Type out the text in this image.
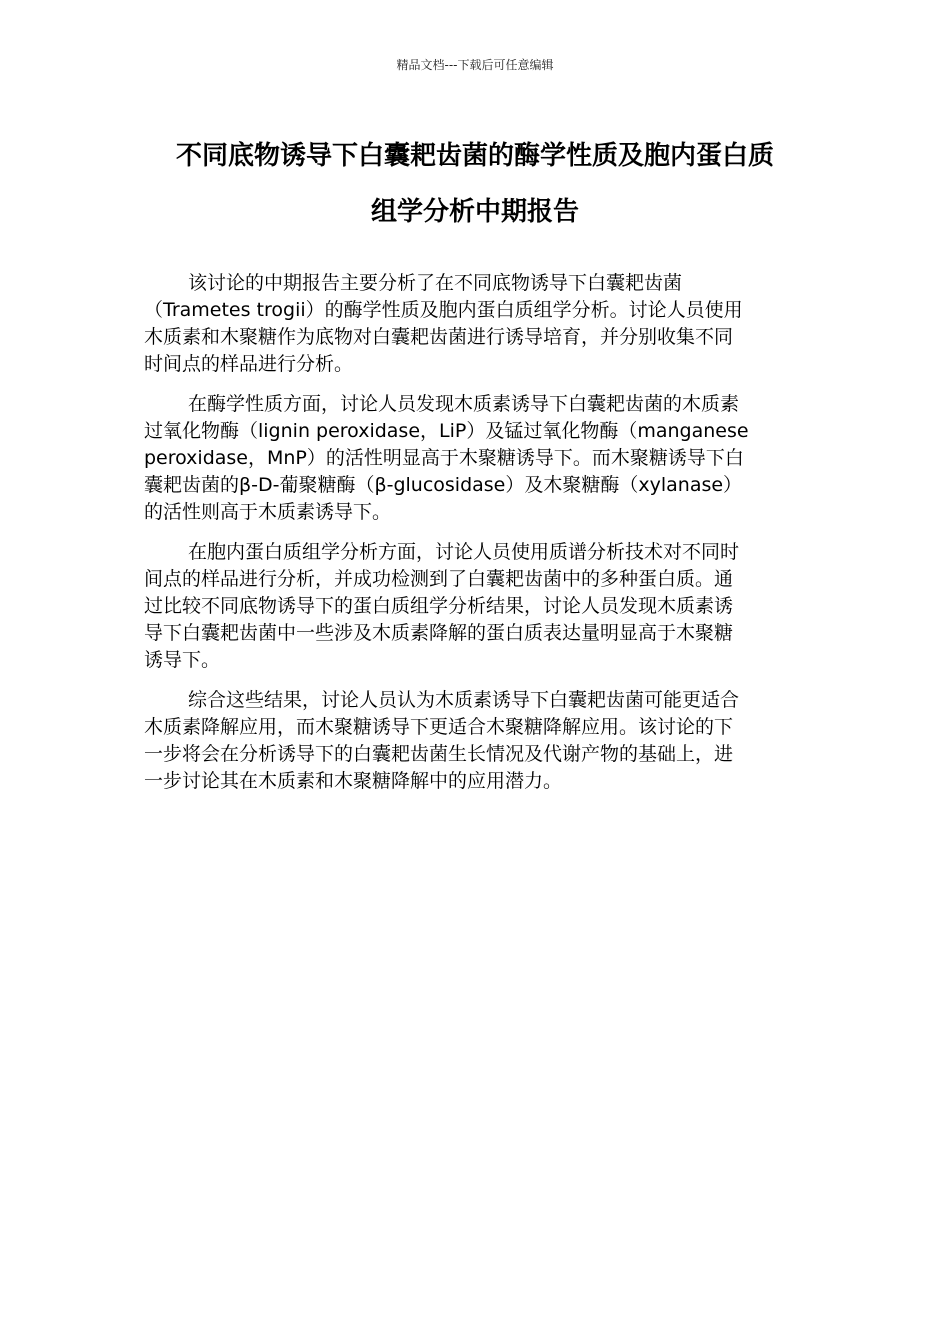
精品文档---下载后可任意编辑
不同底物诱导下白囊耙齿菌的酶学性质及胞内蛋白质
组学分析中期报告

该讨论的中期报告主要分析了在不同底物诱导下白囊耙齿菌
（Trametes trogii）的酶学性质及胞内蛋白质组学分析。讨论人员使用
木质素和木聚糖作为底物对白囊耙齿菌进行诱导培育，并分别收集不同
时间点的样品进行分析。

在酶学性质方面，讨论人员发现木质素诱导下白囊耙齿菌的木质素
过氧化物酶（lignin peroxidase，LiP）及锰过氧化物酶（manganese
peroxidase，MnP）的活性明显高于木聚糖诱导下。而木聚糖诱导下白
囊耙齿菌的β-D-葡聚糖酶（β-glucosidase）及木聚糖酶（xylanase）
的活性则高于木质素诱导下。

在胞内蛋白质组学分析方面，讨论人员使用质谱分析技术对不同时
间点的样品进行分析，并成功检测到了白囊耙齿菌中的多种蛋白质。通
过比较不同底物诱导下的蛋白质组学分析结果，讨论人员发现木质素诱
导下白囊耙齿菌中一些涉及木质素降解的蛋白质表达量明显高于木聚糖
诱导下。

综合这些结果，讨论人员认为木质素诱导下白囊耙齿菌可能更适合
木质素降解应用，而木聚糖诱导下更适合木聚糖降解应用。该讨论的下
一步将会在分析诱导下的白囊耙齿菌生长情况及代谢产物的基础上，进
一步讨论其在木质素和木聚糖降解中的应用潜力。
